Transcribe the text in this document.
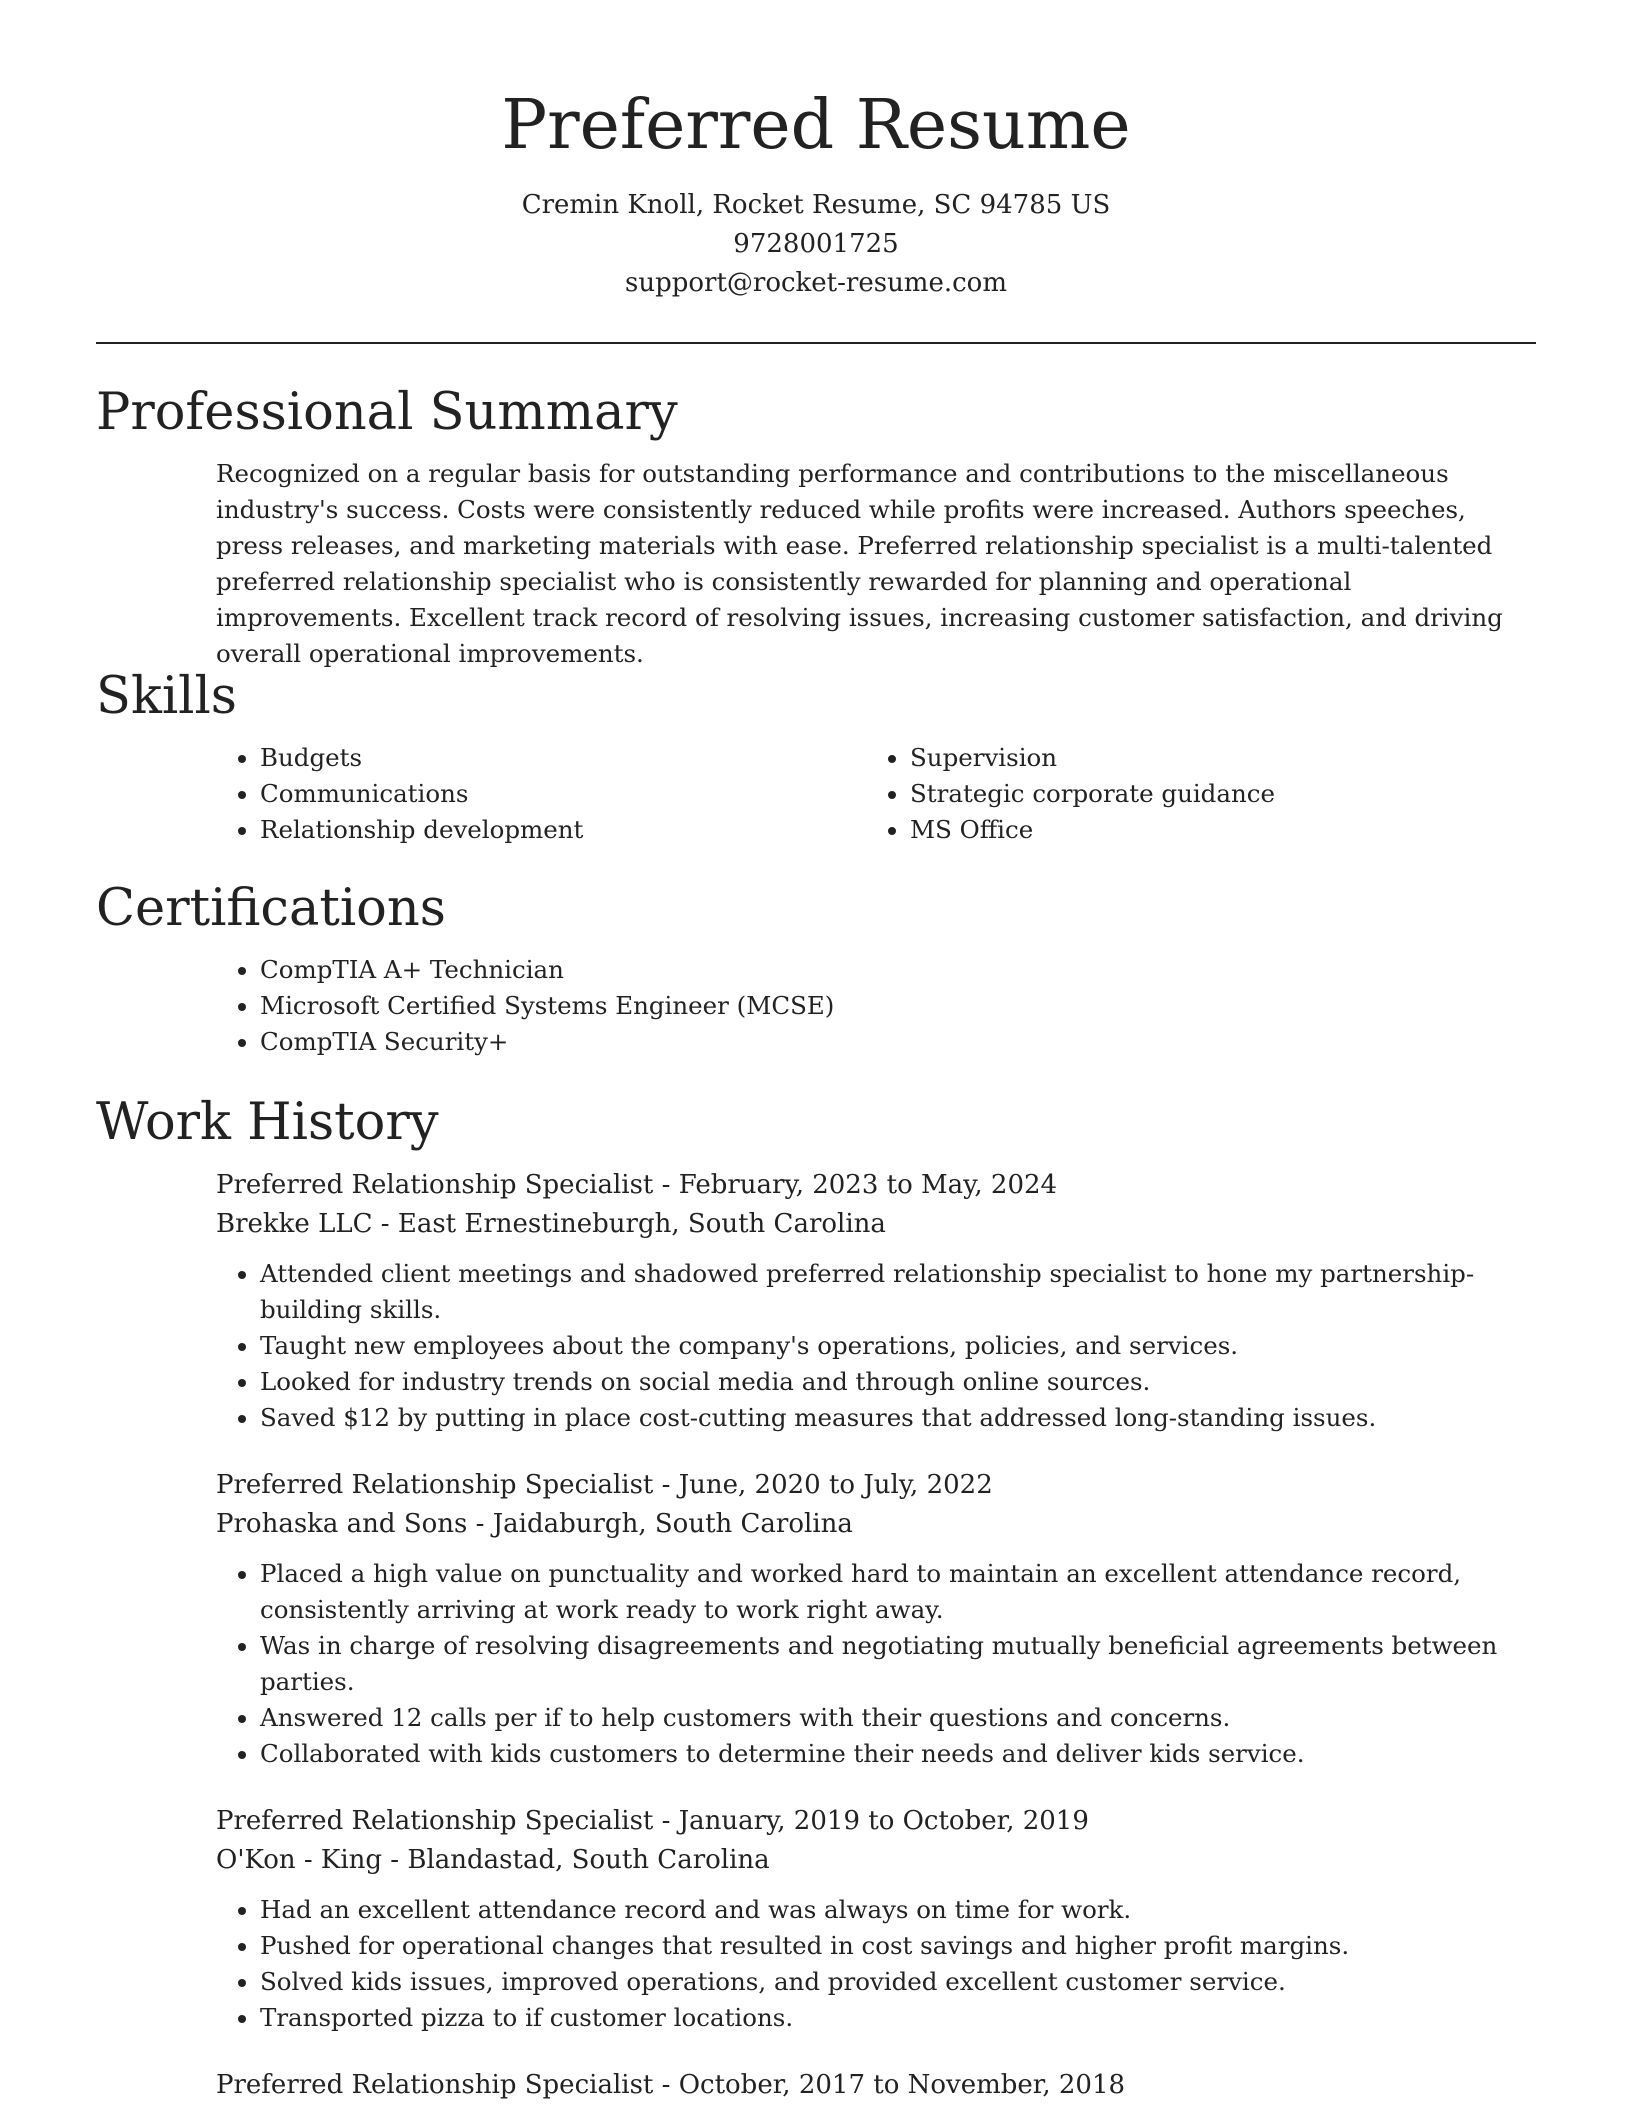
Preferred Resume

Cremin Knoll, Rocket Resume, SC 94785 US

9728001725

support@rocket-resume.com

Professional Summary

Recognized on a regular basis for outstanding performance and contributions to the miscellaneous industry's success. Costs were consistently reduced while profits were increased. Authors speeches, press releases, and marketing materials with ease. Preferred relationship specialist is a multi-talented preferred relationship specialist who is consistently rewarded for planning and operational improvements. Excellent track record of resolving issues, increasing customer satisfaction, and driving overall operational improvements.

Skills
• Budgets
• Communications
• Relationship development
• Supervision
• Strategic corporate guidance
• MS Office
Certifications
• CompTIA A+ Technician
• Microsoft Certified Systems Engineer (MCSE)
• CompTIA Security+
Work History

Preferred Relationship Specialist - February, 2023 to May, 2024

Brekke LLC - East Ernestineburgh, South Carolina

• Attended client meetings and shadowed preferred relationship specialist to hone my partnership-building skills.
• Taught new employees about the company's operations, policies, and services.
• Looked for industry trends on social media and through online sources.
• Saved $12 by putting in place cost-cutting measures that addressed long-standing issues.

Preferred Relationship Specialist - June, 2020 to July, 2022

Prohaska and Sons - Jaidaburgh, South Carolina

• Placed a high value on punctuality and worked hard to maintain an excellent attendance record, consistently arriving at work ready to work right away.
• Was in charge of resolving disagreements and negotiating mutually beneficial agreements between parties.
• Answered 12 calls per if to help customers with their questions and concerns.
• Collaborated with kids customers to determine their needs and deliver kids service.

Preferred Relationship Specialist - January, 2019 to October, 2019

O'Kon - King - Blandastad, South Carolina

• Had an excellent attendance record and was always on time for work.
• Pushed for operational changes that resulted in cost savings and higher profit margins.
• Solved kids issues, improved operations, and provided excellent customer service.
• Transported pizza to if customer locations.

Preferred Relationship Specialist - October, 2017 to November, 2018
